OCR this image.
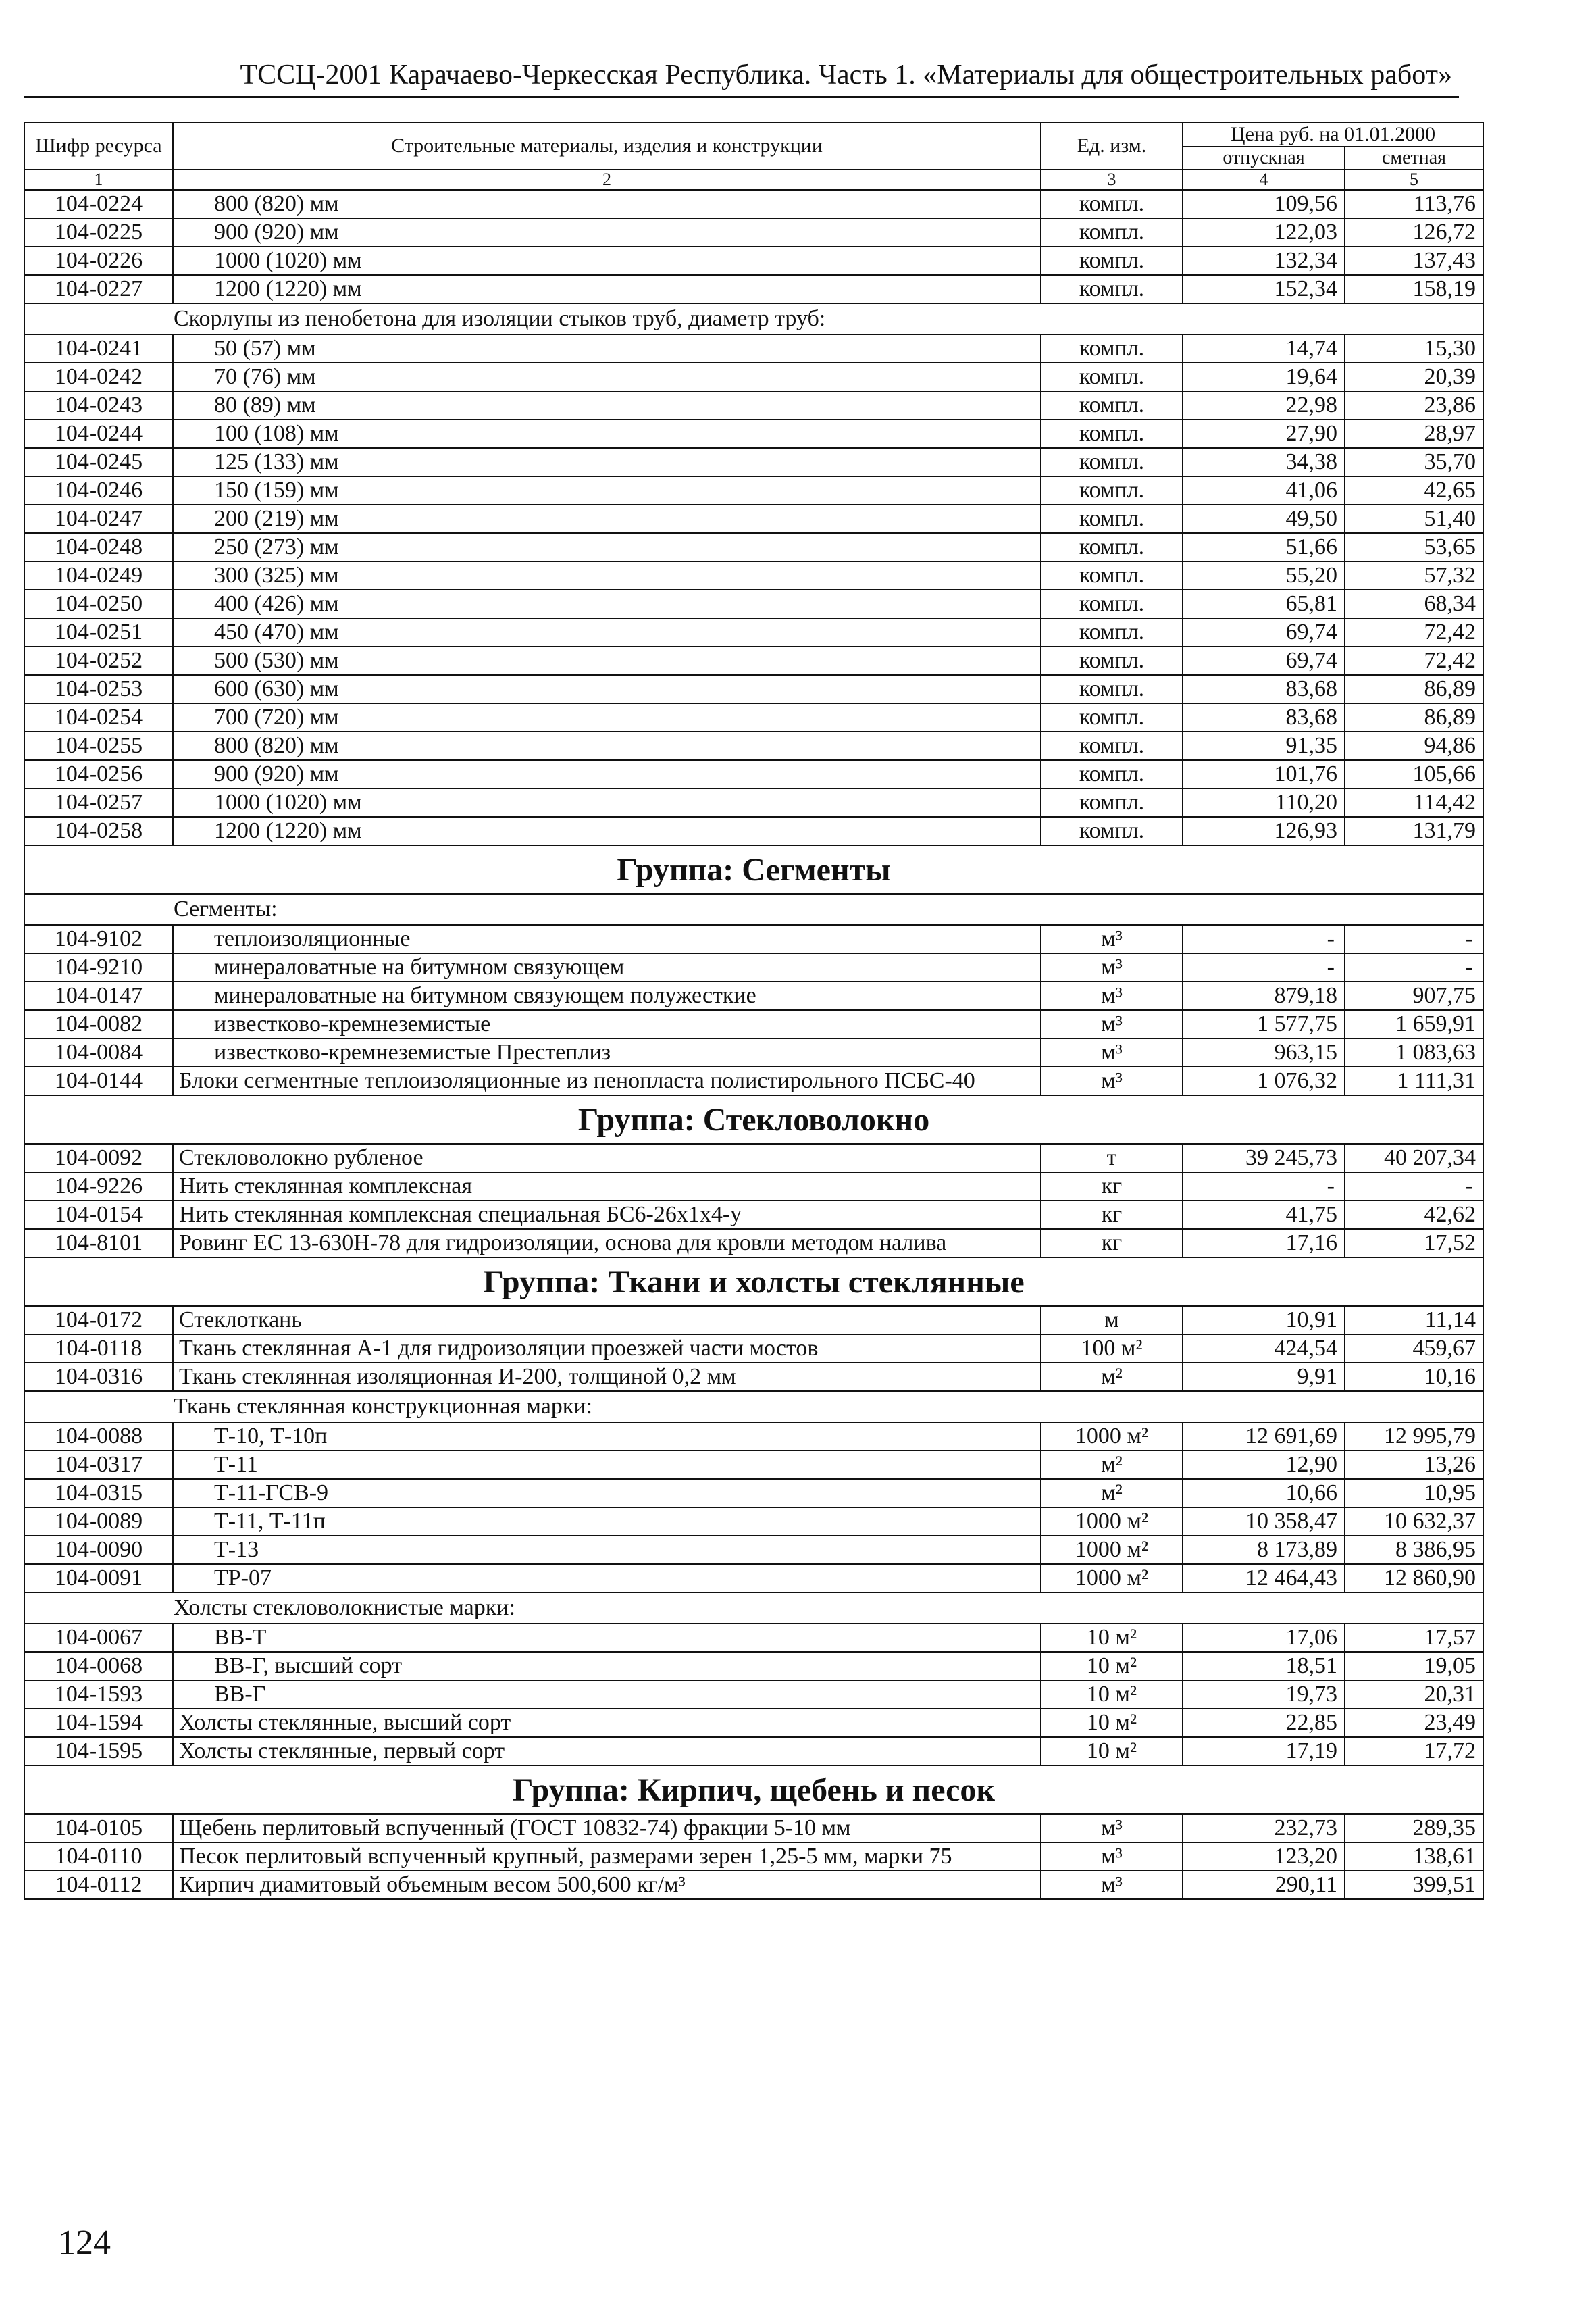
ТССЦ-2001 Карачаево-Черкесская Республика. Часть 1. «Материалы для общестроительных работ»
Шифр ресурса	Строительные материалы, изделия и конструкции	Ед. изм.	Цена руб. на 01.01.2000	
			отпускная	сметная
1	2	3	4	5
104-0224	800 (820) мм	компл.	109,56	113,76
104-0225	900 (920) мм	компл.	122,03	126,72
104-0226	1000 (1020) мм	компл.	132,34	137,43
104-0227	1200 (1220) мм	компл.	152,34	158,19
Скорлупы из пенобетона для изоляции стыков труб, диаметр труб:				
104-0241	50 (57) мм	компл.	14,74	15,30
104-0242	70 (76) мм	компл.	19,64	20,39
104-0243	80 (89) мм	компл.	22,98	23,86
104-0244	100 (108) мм	компл.	27,90	28,97
104-0245	125 (133) мм	компл.	34,38	35,70
104-0246	150 (159) мм	компл.	41,06	42,65
104-0247	200 (219) мм	компл.	49,50	51,40
104-0248	250 (273) мм	компл.	51,66	53,65
104-0249	300 (325) мм	компл.	55,20	57,32
104-0250	400 (426) мм	компл.	65,81	68,34
104-0251	450 (470) мм	компл.	69,74	72,42
104-0252	500 (530) мм	компл.	69,74	72,42
104-0253	600 (630) мм	компл.	83,68	86,89
104-0254	700 (720) мм	компл.	83,68	86,89
104-0255	800 (820) мм	компл.	91,35	94,86
104-0256	900 (920) мм	компл.	101,76	105,66
104-0257	1000 (1020) мм	компл.	110,20	114,42
104-0258	1200 (1220) мм	компл.	126,93	131,79
Группа: Сегменты				
Сегменты:				
104-9102	теплоизоляционные	м³	-	-
104-9210	минераловатные на битумном связующем	м³	-	-
104-0147	минераловатные на битумном связующем полужесткие	м³	879,18	907,75
104-0082	известково-кремнеземистые	м³	1 577,75	1 659,91
104-0084	известково-кремнеземистые Престеплиз	м³	963,15	1 083,63
104-0144	Блоки сегментные теплоизоляционные из пенопласта полистирольного ПСБС-40	м³	1 076,32	1 111,31
Группа: Стекловолокно				
104-0092	Стекловолокно рубленое	т	39 245,73	40 207,34
104-9226	Нить стеклянная комплексная	кг	-	-
104-0154	Нить стеклянная комплексная специальная БС6-26х1х4-у	кг	41,75	42,62
104-8101	Ровинг ЕС 13-630Н-78 для гидроизоляции, основа для кровли методом налива	кг	17,16	17,52
Группа: Ткани и холсты стеклянные				
104-0172	Стеклоткань	м	10,91	11,14
104-0118	Ткань стеклянная А-1 для гидроизоляции проезжей части мостов	100 м²	424,54	459,67
104-0316	Ткань стеклянная изоляционная И-200, толщиной 0,2 мм	м²	9,91	10,16
Ткань стеклянная конструкционная марки:				
104-0088	Т-10, Т-10п	1000 м²	12 691,69	12 995,79
104-0317	Т-11	м²	12,90	13,26
104-0315	Т-11-ГСВ-9	м²	10,66	10,95
104-0089	Т-11, Т-11п	1000 м²	10 358,47	10 632,37
104-0090	Т-13	1000 м²	8 173,89	8 386,95
104-0091	ТР-07	1000 м²	12 464,43	12 860,90
Холсты стекловолокнистые марки:				
104-0067	ВВ-Т	10 м²	17,06	17,57
104-0068	ВВ-Г, высший сорт	10 м²	18,51	19,05
104-1593	ВВ-Г	10 м²	19,73	20,31
104-1594	Холсты стеклянные, высший сорт	10 м²	22,85	23,49
104-1595	Холсты стеклянные, первый сорт	10 м²	17,19	17,72
Группа: Кирпич, щебень и песок				
104-0105	Щебень перлитовый вспученный (ГОСТ 10832-74) фракции 5-10 мм	м³	232,73	289,35
104-0110	Песок перлитовый вспученный крупный, размерами зерен 1,25-5 мм, марки 75	м³	123,20	138,61
104-0112	Кирпич диамитовый объемным весом 500,600 кг/м³	м³	290,11	399,51
124
